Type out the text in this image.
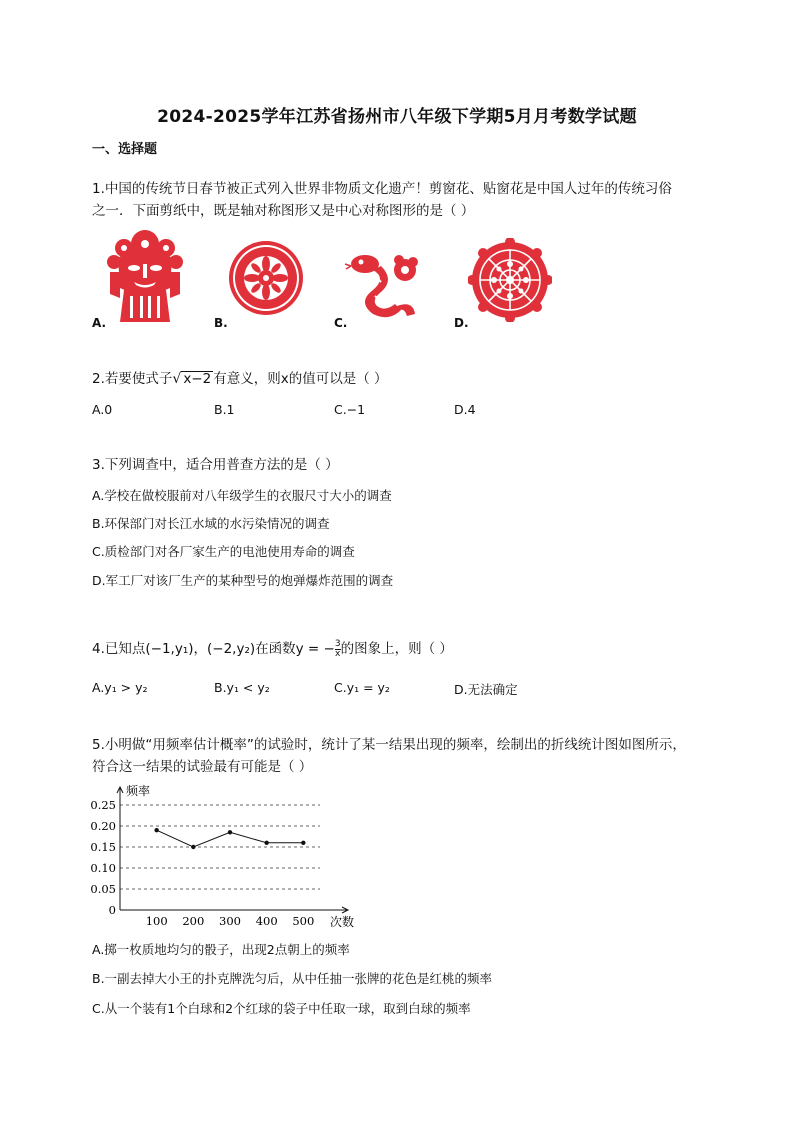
2024-2025学年江苏省扬州市八年级下学期5月月考数学试题
一、选择题
1.中国的传统节日春节被正式列入世界非物质文化遗产！剪窗花、贴窗花是中国人过年的传统习俗
之一．下面剪纸中，既是轴对称图形又是中心对称图形的是（ ）
A.	B.	C.	D.
2.若要使式子√ x−2 有意义，则x的值可以是（ ）
A.0	B.1	C.−1	D.4
3.下列调查中，适合用普查方法的是（ ）
A.学校在做校服前对八年级学生的衣服尺寸大小的调查
B.环保部门对长江水域的水污染情况的调查
C.质检部门对各厂家生产的电池使用寿命的调查
D.军工厂对该厂生产的某种型号的炮弹爆炸范围的调查
4.已知点(−1,y₁)，(−2,y₂)在函数y = − $\frac{3}{x}$ 的图象上，则（ ）
A.y₁ > y₂	B.y₁ < y₂	C.y₁ = y₂	D.无法确定
5.小明做“用频率估计概率”的试验时，统计了某一结果出现的频率，绘制出的折线统计图如图所示，
符合这一结果的试验最有可能是（ ）
0.25
0.20
0.15
0.10
0.05
0
100 200 300 400 500
频率
次数
A.掷一枚质地均匀的骰子，出现2点朝上的频率
B.一副去掉大小王的扑克牌洗匀后，从中任抽一张牌的花色是红桃的频率
C.从一个装有1个白球和2个红球的袋子中任取一球，取到白球的频率
